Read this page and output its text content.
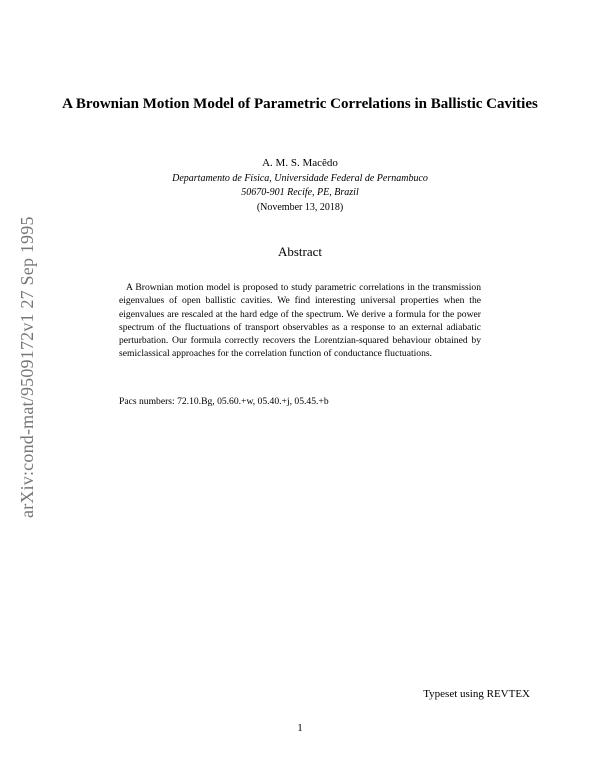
arXiv:cond-mat/9509172v1 27 Sep 1995
A Brownian Motion Model of Parametric Correlations in Ballistic Cavities
A. M. S. Macêdo
Departamento de Física, Universidade Federal de Pernambuco
50670-901 Recife, PE, Brazil
(November 13, 2018)
Abstract
A Brownian motion model is proposed to study parametric correlations in the transmission eigenvalues of open ballistic cavities. We find interesting universal properties when the eigenvalues are rescaled at the hard edge of the spectrum. We derive a formula for the power spectrum of the fluctuations of transport observables as a response to an external adiabatic perturbation. Our formula correctly recovers the Lorentzian-squared behaviour obtained by semiclassical approaches for the correlation function of conductance fluctuations.
Pacs numbers: 72.10.Bg, 05.60.+w, 05.40.+j, 05.45.+b
Typeset using REVTEX
1
